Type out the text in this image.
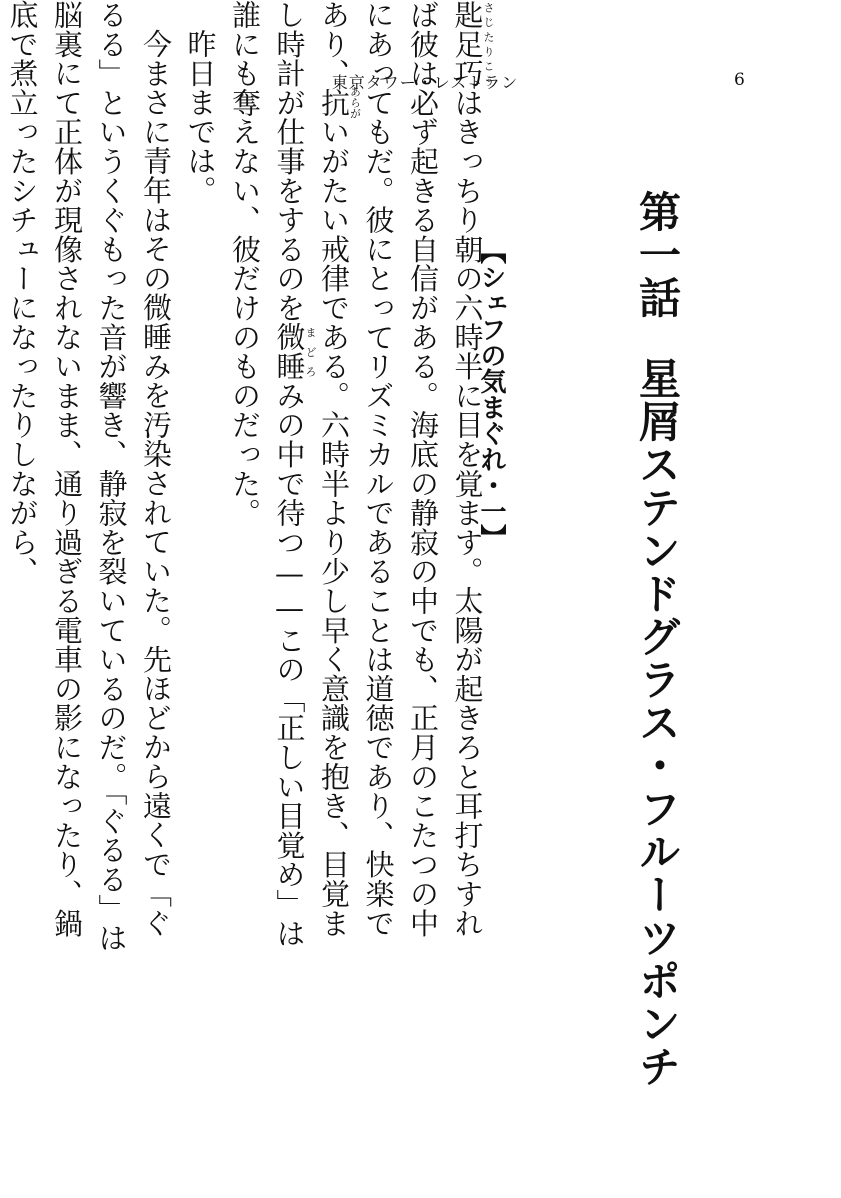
東京タワー・レストラン	6
第一話星屑ステンドグラス・フルーツポンチ
【シェフの気まぐれ・一】

匙足巧さじたりこうはきっちり朝の六時半に目を覚ます。太陽が起きろと耳打ちすれば彼は必ず起きる自信がある。海底の静寂の中でも、正月のこたつの中にあってもだ。彼にとってリズミカルであることは道徳であり、快楽であり、抗あらがいがたい戒律である。六時半より少し早く意識を抱き、目覚まし時計が仕事をするのを微睡まどろみの中で待つ——この「正しい目覚め」は誰にも奪えない、彼だけのものだった。

昨日までは。

今まさに青年はその微睡みを汚染されていた。先ほどから遠くで「ぐるる」というくぐもった音が響き、静寂を裂いているのだ。「ぐるる」は脳裏にて正体が現像されないまま、通り過ぎる電車の影になったり、鍋底で煮立ったシチューになったりしながら、
